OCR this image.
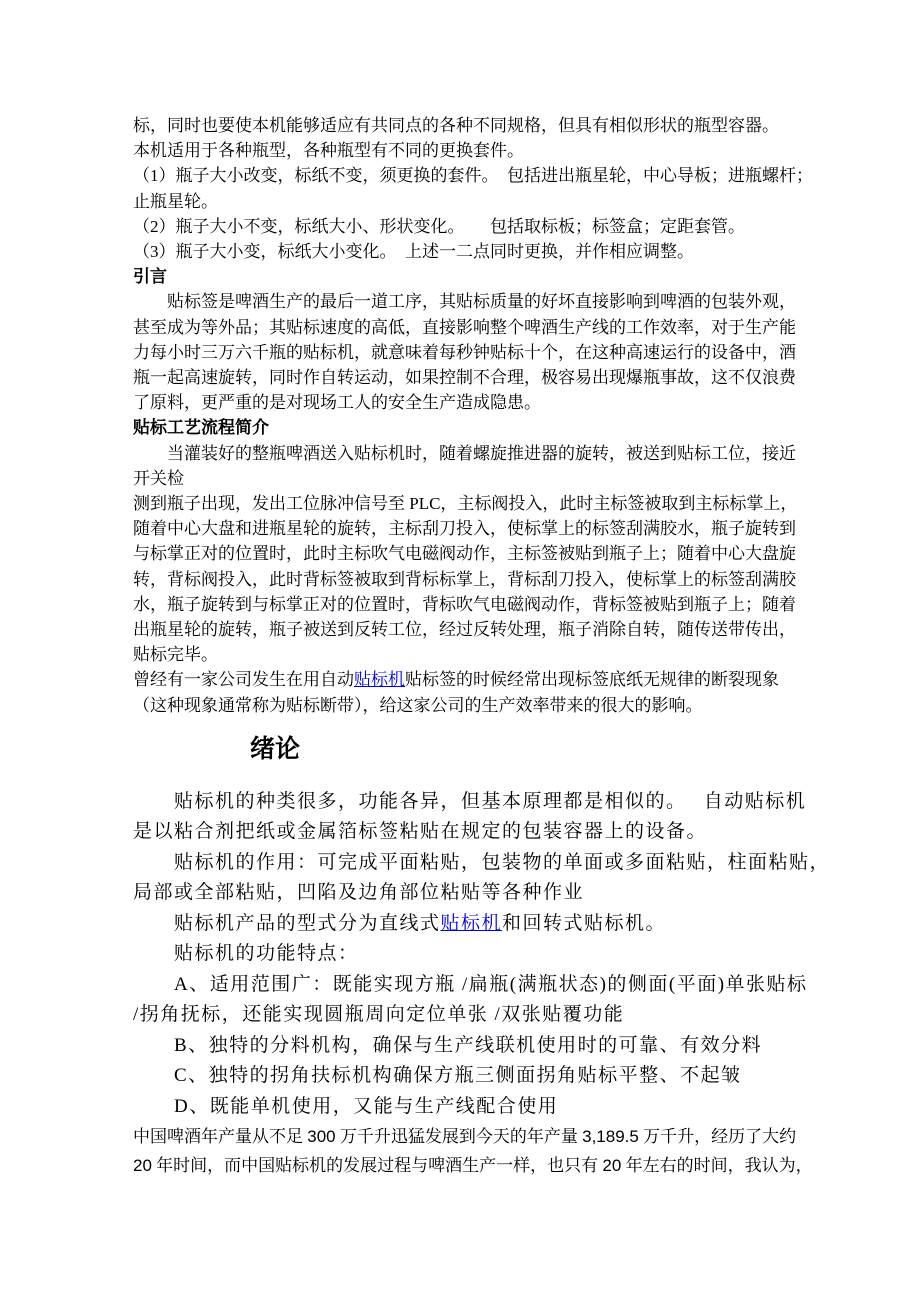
标，同时也要使本机能够适应有共同点的各种不同规格，但具有相似形状的瓶型容器。
本机适用于各种瓶型，各种瓶型有不同的更换套件。
（1）瓶子大小改变，标纸不变，须更换的套件。　包括进出瓶星轮，中心导板；进瓶螺杆；
止瓶星轮。
（2）瓶子大小不变，标纸大小、形状变化。　　包括取标板；标签盒；定距套管。
（3）瓶子大小变，标纸大小变化。　上述一二点同时更换，并作相应调整。
引言
　　贴标签是啤酒生产的最后一道工序，其贴标质量的好坏直接影响到啤酒的包装外观，
甚至成为等外品；其贴标速度的高低，直接影响整个啤酒生产线的工作效率，对于生产能
力每小时三万六千瓶的贴标机，就意味着每秒钟贴标十个，在这种高速运行的设备中，酒
瓶一起高速旋转，同时作自转运动，如果控制不合理，极容易出现爆瓶事故，这不仅浪费
了原料，更严重的是对现场工人的安全生产造成隐患。
贴标工艺流程简介
　　当灌装好的整瓶啤酒送入贴标机时，随着螺旋推进器的旋转，被送到贴标工位，接近
开关检
测到瓶子出现，发出工位脉冲信号至 PLC，主标阀投入，此时主标签被取到主标标掌上，
随着中心大盘和进瓶星轮的旋转，主标刮刀投入，使标掌上的标签刮满胶水，瓶子旋转到
与标掌正对的位置时，此时主标吹气电磁阀动作，主标签被贴到瓶子上；随着中心大盘旋
转，背标阀投入，此时背标签被取到背标标掌上，背标刮刀投入，使标掌上的标签刮满胶
水，瓶子旋转到与标掌正对的位置时，背标吹气电磁阀动作，背标签被贴到瓶子上；随着
出瓶星轮的旋转，瓶子被送到反转工位，经过反转处理，瓶子消除自转，随传送带传出，
贴标完毕。
曾经有一家公司发生在用自动贴标机贴标签的时候经常出现标签底纸无规律的断裂现象
（这种现象通常称为贴标断带），给这家公司的生产效率带来的很大的影响。
绪论
　　贴标机的种类很多，功能各异，但基本原理都是相似的。　 自动贴标机
是以粘合剂把纸或金属箔标签粘贴在规定的包装容器上的设备。
　　贴标机的作用：可完成平面粘贴，包装物的单面或多面粘贴，柱面粘贴，
局部或全部粘贴，凹陷及边角部位粘贴等各种作业
　　贴标机产品的型式分为直线式贴标机和回转式贴标机。
　　贴标机的功能特点：
　　A、适用范围广：既能实现方瓶 /扁瓶(满瓶状态)的侧面(平面)单张贴标
/拐角抚标，还能实现圆瓶周向定位单张 /双张贴覆功能
　　B、独特的分料机构，确保与生产线联机使用时的可靠、有效分料
　　C、独特的拐角扶标机构确保方瓶三侧面拐角贴标平整、不起皱
　　D、既能单机使用，又能与生产线配合使用
中国啤酒年产量从不足 300 万千升迅猛发展到今天的年产量 3,189.5 万千升，经历了大约
20 年时间，而中国贴标机的发展过程与啤酒生产一样，也只有 20 年左右的时间，我认为，
